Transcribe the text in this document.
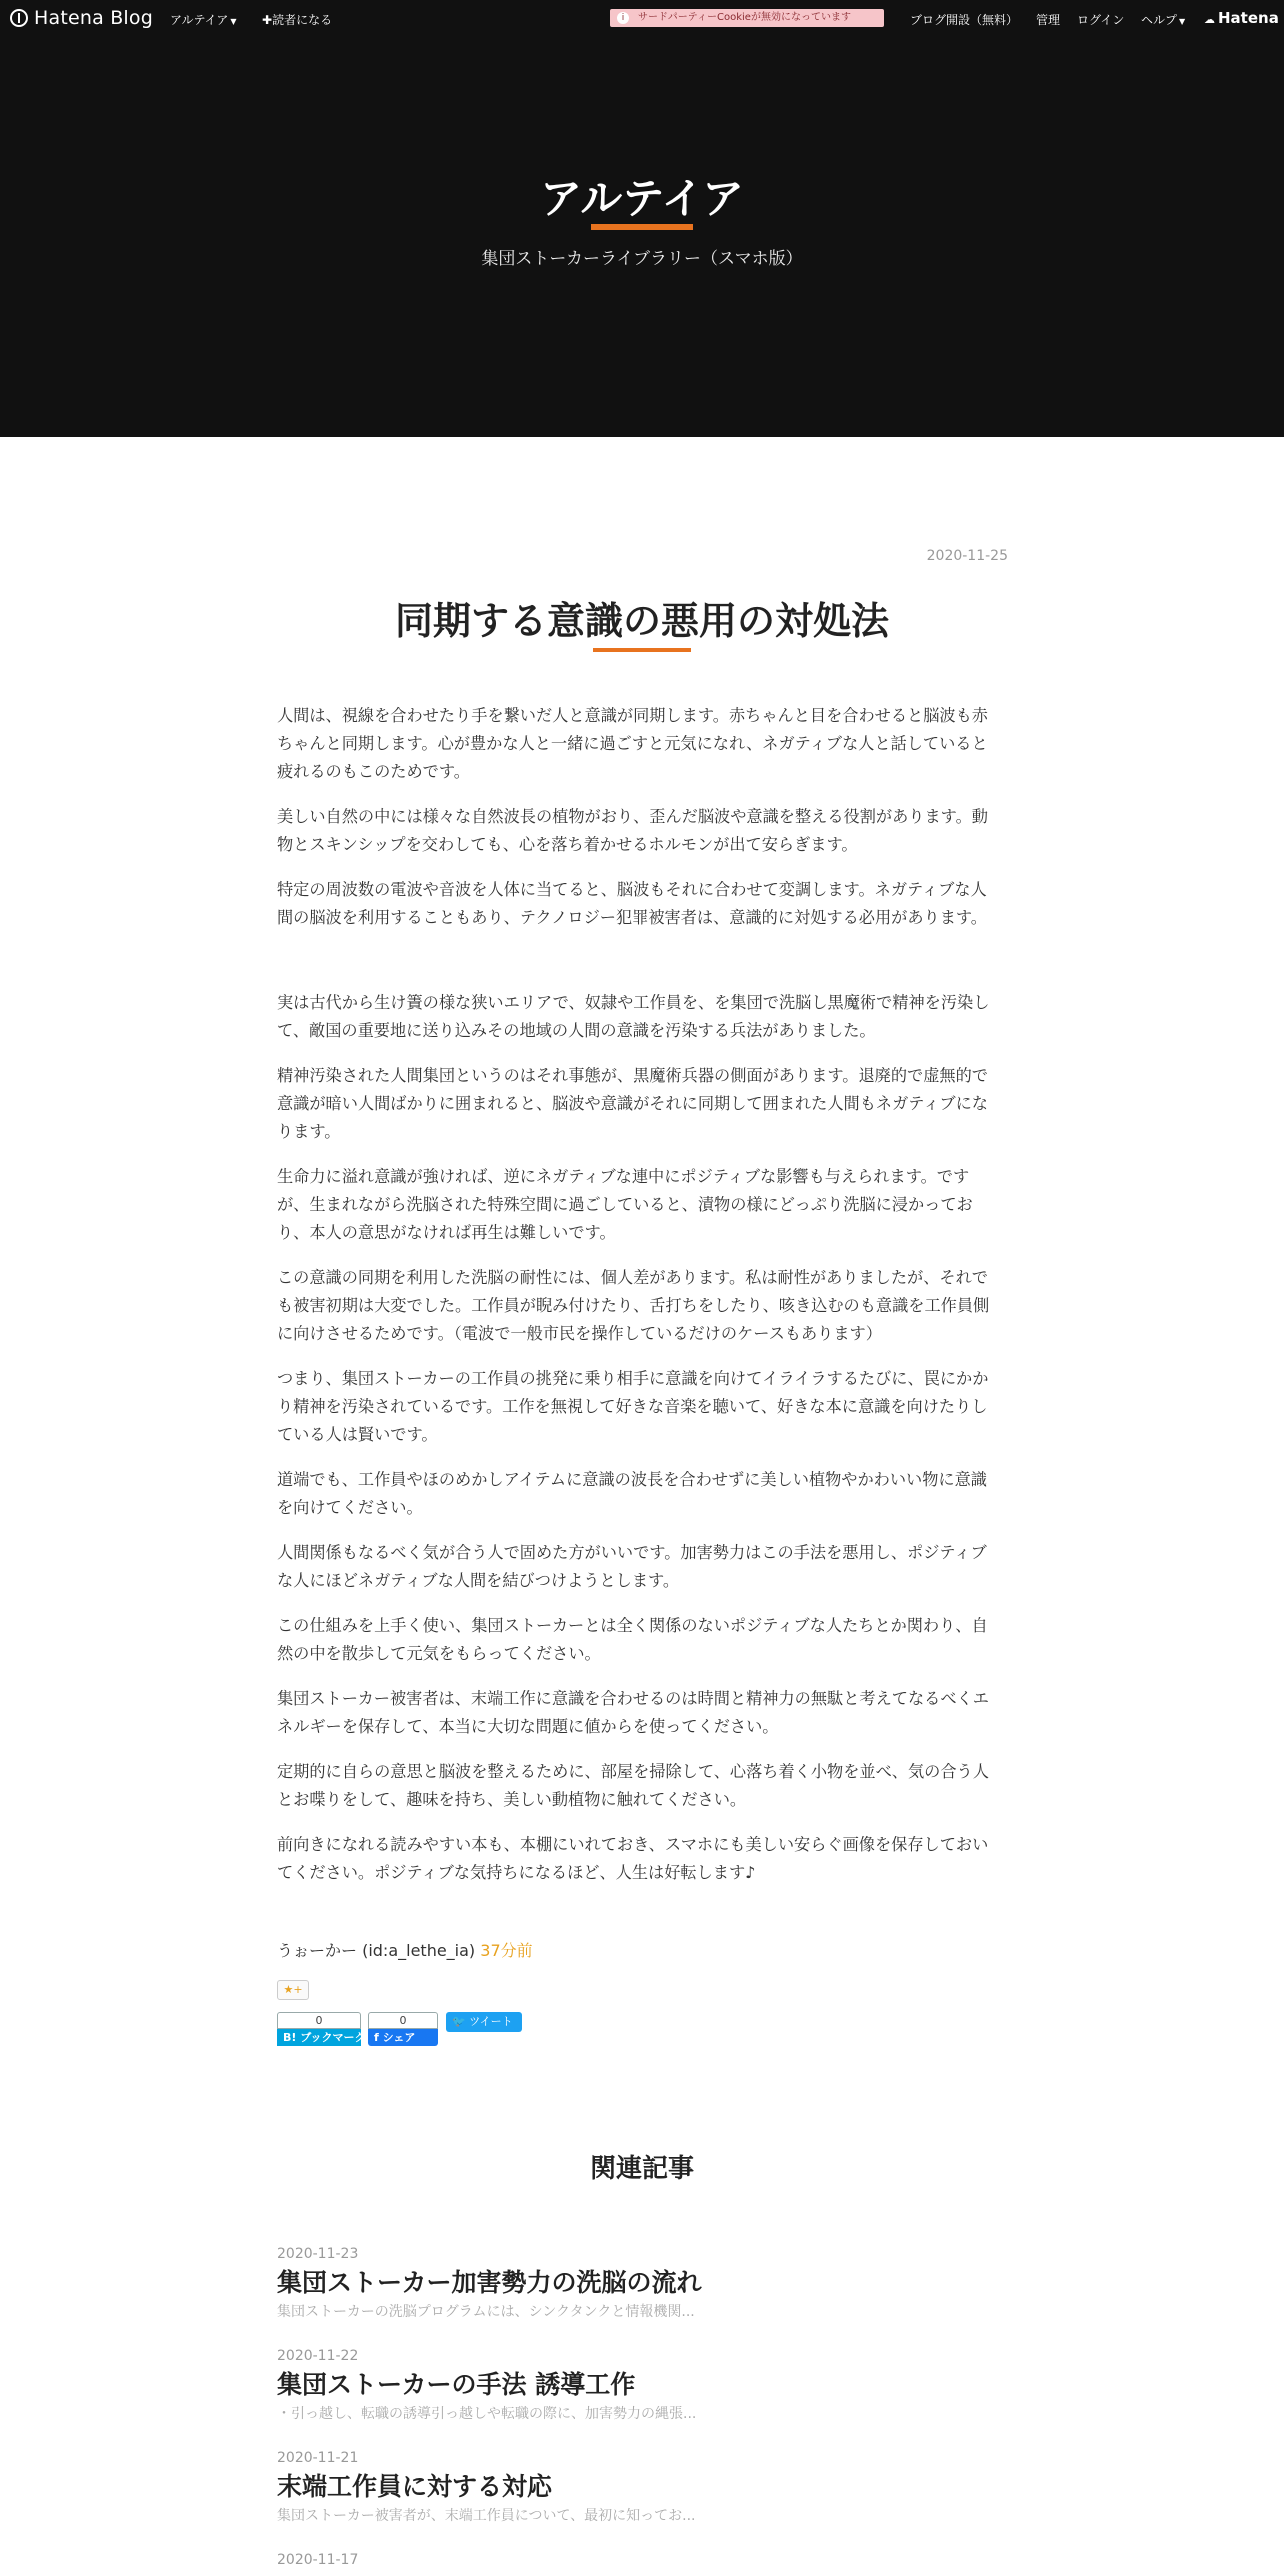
Hatena Blog アルテイア ▼ ✚読者になる	i	サードパーティーCookieが無効になっています	ブログ開設（無料） 管理 ログイン ヘルプ ▼ ☁ Hatena
アルテイア
集団ストーカーライブラリー（スマホ版）
2020-11-25
同期する意識の悪用の対処法

人間は、視線を合わせたり手を繋いだ人と意識が同期します。赤ちゃんと目を合わせると脳波も赤ちゃんと同期します。心が豊かな人と一緒に過ごすと元気になれ、ネガティブな人と話していると疲れるのもこのためです。

美しい自然の中には様々な自然波長の植物がおり、歪んだ脳波や意識を整える役割があります。動物とスキンシップを交わしても、心を落ち着かせるホルモンが出て安らぎます。

特定の周波数の電波や音波を人体に当てると、脳波もそれに合わせて変調します。ネガティブな人間の脳波を利用することもあり、テクノロジー犯罪被害者は、意識的に対処する必用があります。

実は古代から生け簀の様な狭いエリアで、奴隷や工作員を、を集団で洗脳し黒魔術で精神を汚染して、敵国の重要地に送り込みその地域の人間の意識を汚染する兵法がありました。

精神汚染された人間集団というのはそれ事態が、黒魔術兵器の側面があります。退廃的で虚無的で意識が暗い人間ばかりに囲まれると、脳波や意識がそれに同期して囲まれた人間もネガティブになります。

生命力に溢れ意識が強ければ、逆にネガティブな連中にポジティブな影響も与えられます。ですが、生まれながら洗脳された特殊空間に過ごしていると、漬物の様にどっぷり洗脳に浸かっており、本人の意思がなければ再生は難しいです。

この意識の同期を利用した洗脳の耐性には、個人差があります。私は耐性がありましたが、それでも被害初期は大変でした。工作員が睨み付けたり、舌打ちをしたり、咳き込むのも意識を工作員側に向けさせるためです。（電波で一般市民を操作しているだけのケースもあります）

つまり、集団ストーカーの工作員の挑発に乗り相手に意識を向けてイライラするたびに、罠にかかり精神を汚染されているです。工作を無視して好きな音楽を聴いて、好きな本に意識を向けたりしている人は賢いです。

道端でも、工作員やほのめかしアイテムに意識の波長を合わせずに美しい植物やかわいい物に意識を向けてください。

人間関係もなるべく気が合う人で固めた方がいいです。加害勢力はこの手法を悪用し、ポジティブな人にほどネガティブな人間を結びつけようとします。

この仕組みを上手く使い、集団ストーカーとは全く関係のないポジティブな人たちとか関わり、自然の中を散歩して元気をもらってください。

集団ストーカー被害者は、末端工作に意識を合わせるのは時間と精神力の無駄と考えてなるべくエネルギーを保存して、本当に大切な問題に値からを使ってください。

定期的に自らの意思と脳波を整えるために、部屋を掃除して、心落ち着く小物を並べ、気の合う人とお喋りをして、趣味を持ち、美しい動植物に触れてください。

前向きになれる読みやすい本も、本棚にいれておき、スマホにも美しい安らぐ画像を保存しておいてください。ポジティブな気持ちになるほど、人生は好転します♪

うぉーかー (id:a_lethe_ia) 37分前
★+
0
B! ブックマーク
0
f シェア
🐦 ツイート
関連記事
2020-11-23
集団ストーカー加害勢力の洗脳の流れ
集団ストーカーの洗脳プログラムには、シンクタンクと情報機関...
2020-11-22
集団ストーカーの手法 誘導工作
・引っ越し、転職の誘導引っ越しや転職の際に、加害勢力の縄張...
2020-11-21
末端工作員に対する対応
集団ストーカー被害者が、末端工作員について、最初に知ってお...
2020-11-17
